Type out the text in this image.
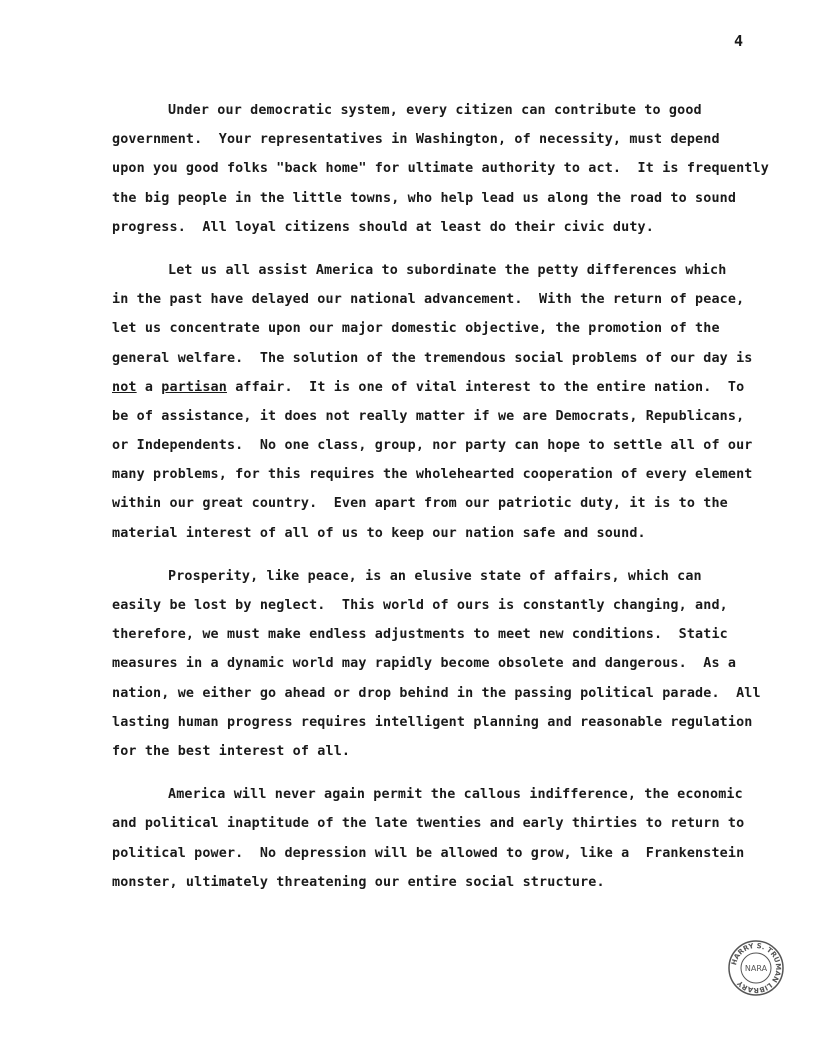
4
Under our democratic system, every citizen can contribute to good
government.  Your representatives in Washington, of necessity, must depend
upon you good folks "back home" for ultimate authority to act.  It is frequently
the big people in the little towns, who help lead us along the road to sound
progress.  All loyal citizens should at least do their civic duty.
Let us all assist America to subordinate the petty differences which
in the past have delayed our national advancement.  With the return of peace,
let us concentrate upon our major domestic objective, the promotion of the
general welfare.  The solution of the tremendous social problems of our day is
not a partisan affair.  It is one of vital interest to the entire nation.  To
be of assistance, it does not really matter if we are Democrats, Republicans,
or Independents.  No one class, group, nor party can hope to settle all of our
many problems, for this requires the wholehearted cooperation of every element
within our great country.  Even apart from our patriotic duty, it is to the
material interest of all of us to keep our nation safe and sound.
Prosperity, like peace, is an elusive state of affairs, which can
easily be lost by neglect.  This world of ours is constantly changing, and,
therefore, we must make endless adjustments to meet new conditions.  Static
measures in a dynamic world may rapidly become obsolete and dangerous.  As a
nation, we either go ahead or drop behind in the passing political parade.  All
lasting human progress requires intelligent planning and reasonable regulation
for the best interest of all.
America will never again permit the callous indifference, the economic
and political inaptitude of the late twenties and early thirties to return to
political power.  No depression will be allowed to grow, like a  Frankenstein
monster, ultimately threatening our entire social structure.
HARRY S. TRUMAN LIBRARY
NARA
